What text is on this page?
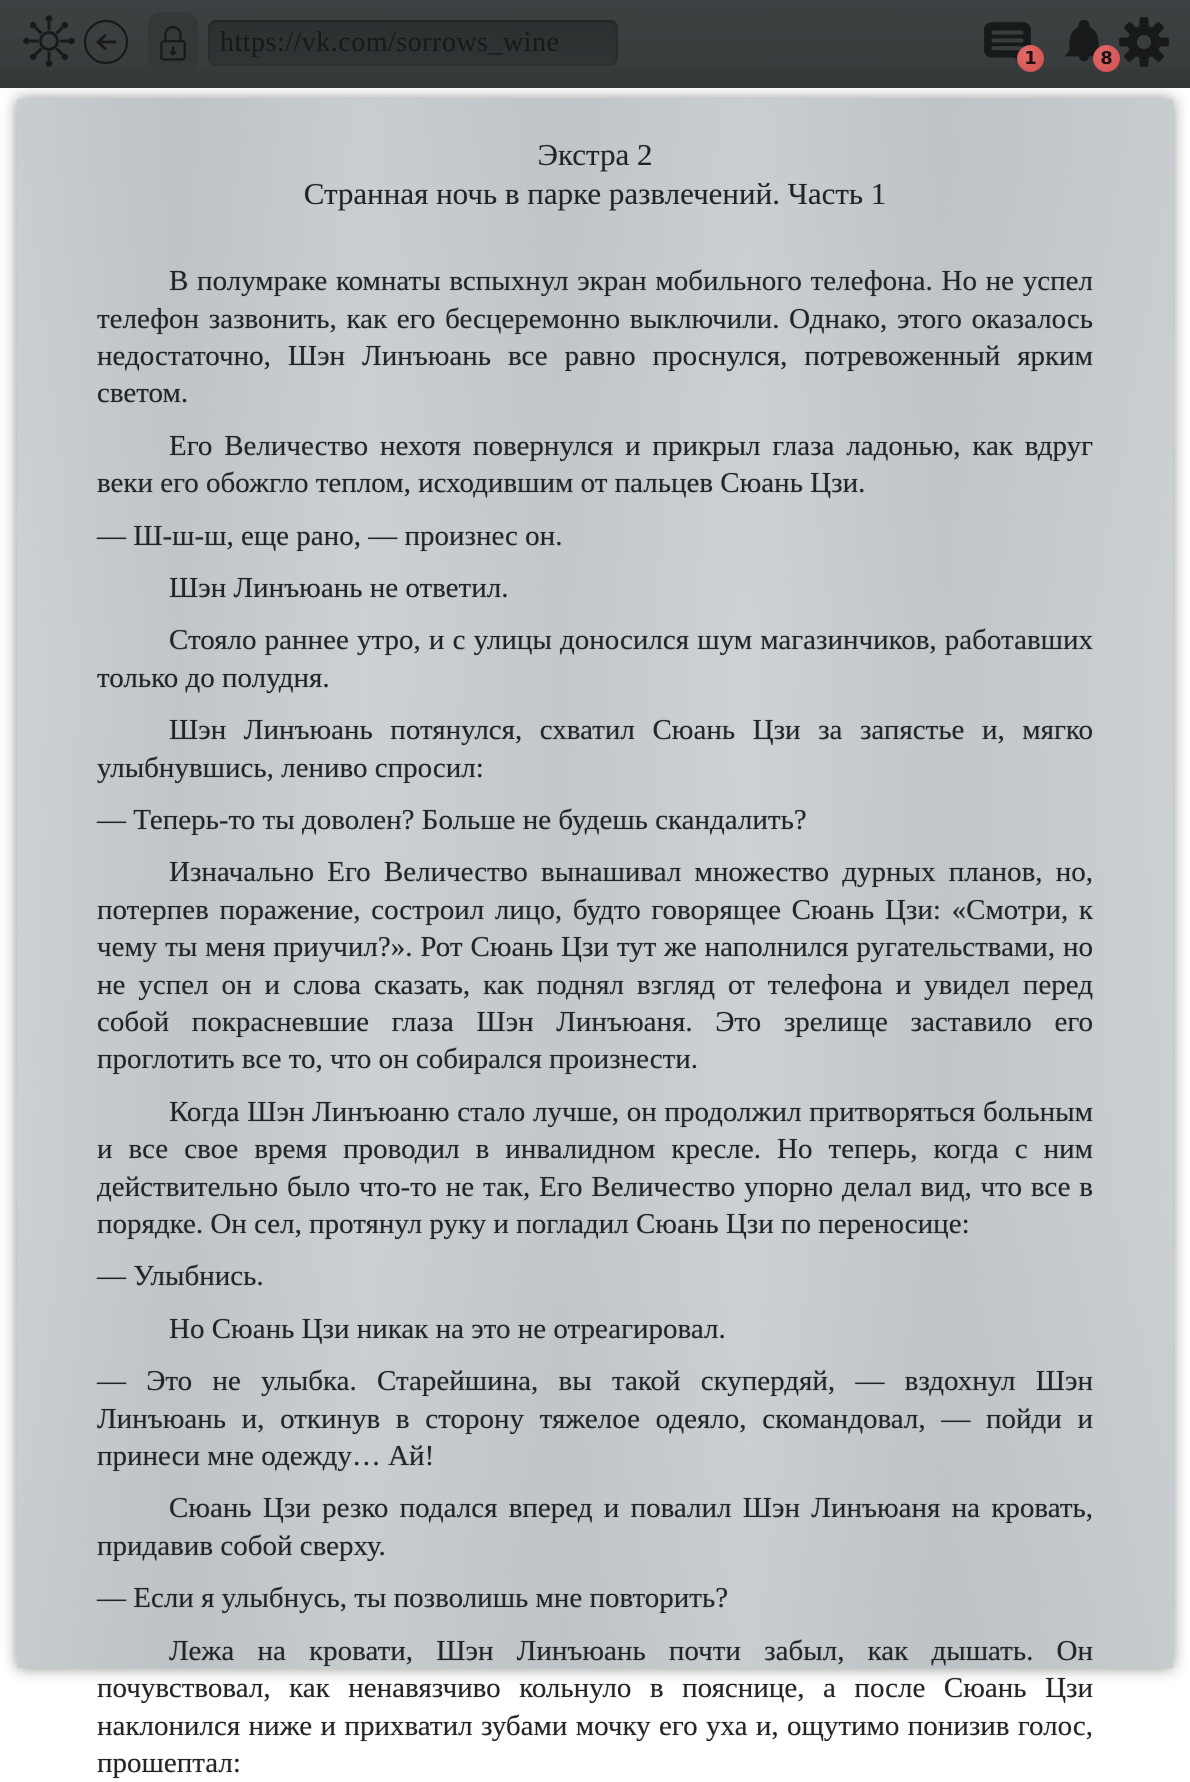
https://vk.com/sorrows_wine
1	8
Экстра 2
Странная ночь в парке развлечений. Часть 1

В полумраке комнаты вспыхнул экран мобильного телефона. Но не успел телефон зазвонить, как его бесцеремонно выключили. Однако, этого оказалось недостаточно, Шэн Линъюань все равно проснулся, потревоженный ярким светом.

Его Величество нехотя повернулся и прикрыл глаза ладонью, как вдруг веки его обожгло теплом, исходившим от пальцев Сюань Цзи.

— Ш-ш-ш, еще рано, — произнес он.

Шэн Линъюань не ответил.

Стояло раннее утро, и с улицы доносился шум магазинчиков, работавших только до полудня.

Шэн Линъюань потянулся, схватил Сюань Цзи за запястье и, мягко улыбнувшись, лениво спросил:

— Теперь-то ты доволен? Больше не будешь скандалить?

Изначально Его Величество вынашивал множество дурных планов, но, потерпев поражение, состроил лицо, будто говорящее Сюань Цзи: «Смотри, к чему ты меня приучил?». Рот Сюань Цзи тут же наполнился ругательствами, но не успел он и слова сказать, как поднял взгляд от телефона и увидел перед собой покрасневшие глаза Шэн Линъюаня. Это зрелище заставило его проглотить все то, что он собирался произнести.

Когда Шэн Линъюаню стало лучше, он продолжил притворяться больным и все свое время проводил в инвалидном кресле. Но теперь, когда с ним действительно было что-то не так, Его Величество упорно делал вид, что все в порядке. Он сел, протянул руку и погладил Сюань Цзи по переносице:

— Улыбнись.

Но Сюань Цзи никак на это не отреагировал.

— Это не улыбка. Старейшина, вы такой скупердяй, — вздохнул Шэн Линъюань и, откинув в сторону тяжелое одеяло, скомандовал, — пойди и принеси мне одежду… Ай!

Сюань Цзи резко подался вперед и повалил Шэн Линъюаня на кровать, придавив собой сверху.

— Если я улыбнусь, ты позволишь мне повторить?

Лежа на кровати, Шэн Линъюань почти забыл, как дышать. Он почувствовал, как ненавязчиво кольнуло в пояснице, а после Сюань Цзи наклонился ниже и прихватил зубами мочку его уха и, ощутимо понизив голос, прошептал:
